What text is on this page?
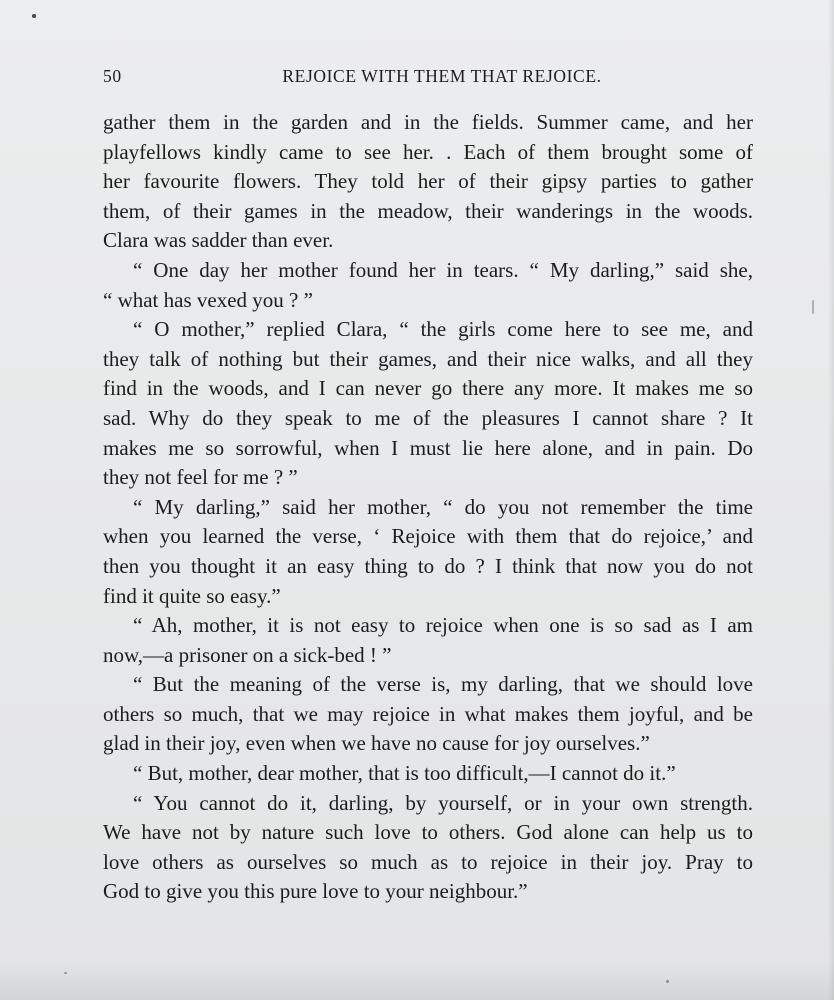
50	REJOICE WITH THEM THAT REJOICE.
gather them in the garden and in the fields. Summer came, and her
playfellows kindly came to see her. . Each of them brought some of
her favourite flowers. They told her of their gipsy parties to gather
them, of their games in the meadow, their wanderings in the woods.
Clara was sadder than ever.
“ One day her mother found her in tears. “ My darling,” said she,
“ what has vexed you ? ”
“ O mother,” replied Clara, “ the girls come here to see me, and
they talk of nothing but their games, and their nice walks, and all they
find in the woods, and I can never go there any more. It makes me so
sad. Why do they speak to me of the pleasures I cannot share ? It
makes me so sorrowful, when I must lie here alone, and in pain. Do
they not feel for me ? ”
“ My darling,” said her mother, “ do you not remember the time
when you learned the verse, ‘ Rejoice with them that do rejoice,’ and
then you thought it an easy thing to do ? I think that now you do not
find it quite so easy.”
“ Ah, mother, it is not easy to rejoice when one is so sad as I am
now,—a prisoner on a sick-bed ! ”
“ But the meaning of the verse is, my darling, that we should love
others so much, that we may rejoice in what makes them joyful, and be
glad in their joy, even when we have no cause for joy ourselves.”
“ But, mother, dear mother, that is too difficult,—I cannot do it.”
“ You cannot do it, darling, by yourself, or in your own strength.
We have not by nature such love to others. God alone can help us to
love others as ourselves so much as to rejoice in their joy. Pray to
God to give you this pure love to your neighbour.”
